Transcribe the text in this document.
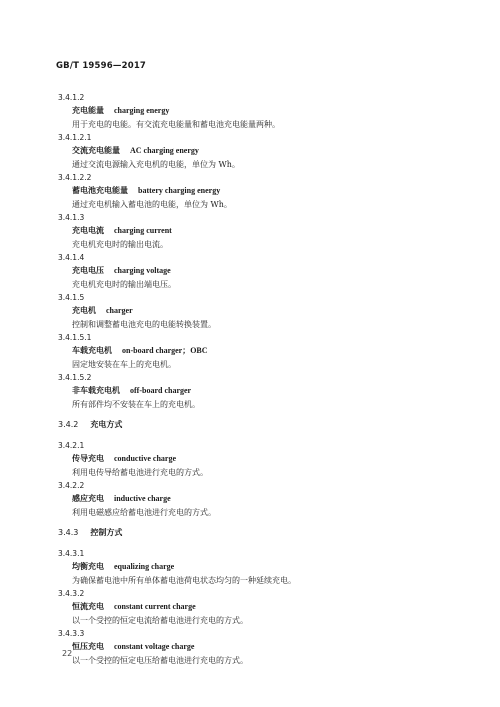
GB/T 19596—2017
3.4.1.2
充电能量 charging energy
用于充电的电能。有交流充电能量和蓄电池充电能量两种。
3.4.1.2.1
交流充电能量 AC charging energy
通过交流电源输入充电机的电能，单位为 Wh。
3.4.1.2.2
蓄电池充电能量 battery charging energy
通过充电机输入蓄电池的电能，单位为 Wh。
3.4.1.3
充电电流 charging current
充电机充电时的输出电流。
3.4.1.4
充电电压 charging voltage
充电机充电时的输出端电压。
3.4.1.5
充电机 charger
控制和调整蓄电池充电的电能转换装置。
3.4.1.5.1
车载充电机 on-board charger；OBC
固定地安装在车上的充电机。
3.4.1.5.2
非车载充电机 off-board charger
所有部件均不安装在车上的充电机。
3.4.2 充电方式
3.4.2.1
传导充电 conductive charge
利用电传导给蓄电池进行充电的方式。
3.4.2.2
感应充电 inductive charge
利用电磁感应给蓄电池进行充电的方式。
3.4.3 控制方式
3.4.3.1
均衡充电 equalizing charge
为确保蓄电池中所有单体蓄电池荷电状态均匀的一种延续充电。
3.4.3.2
恒流充电 constant current charge
以一个受控的恒定电流给蓄电池进行充电的方式。
3.4.3.3
恒压充电 constant voltage charge
以一个受控的恒定电压给蓄电池进行充电的方式。
22
